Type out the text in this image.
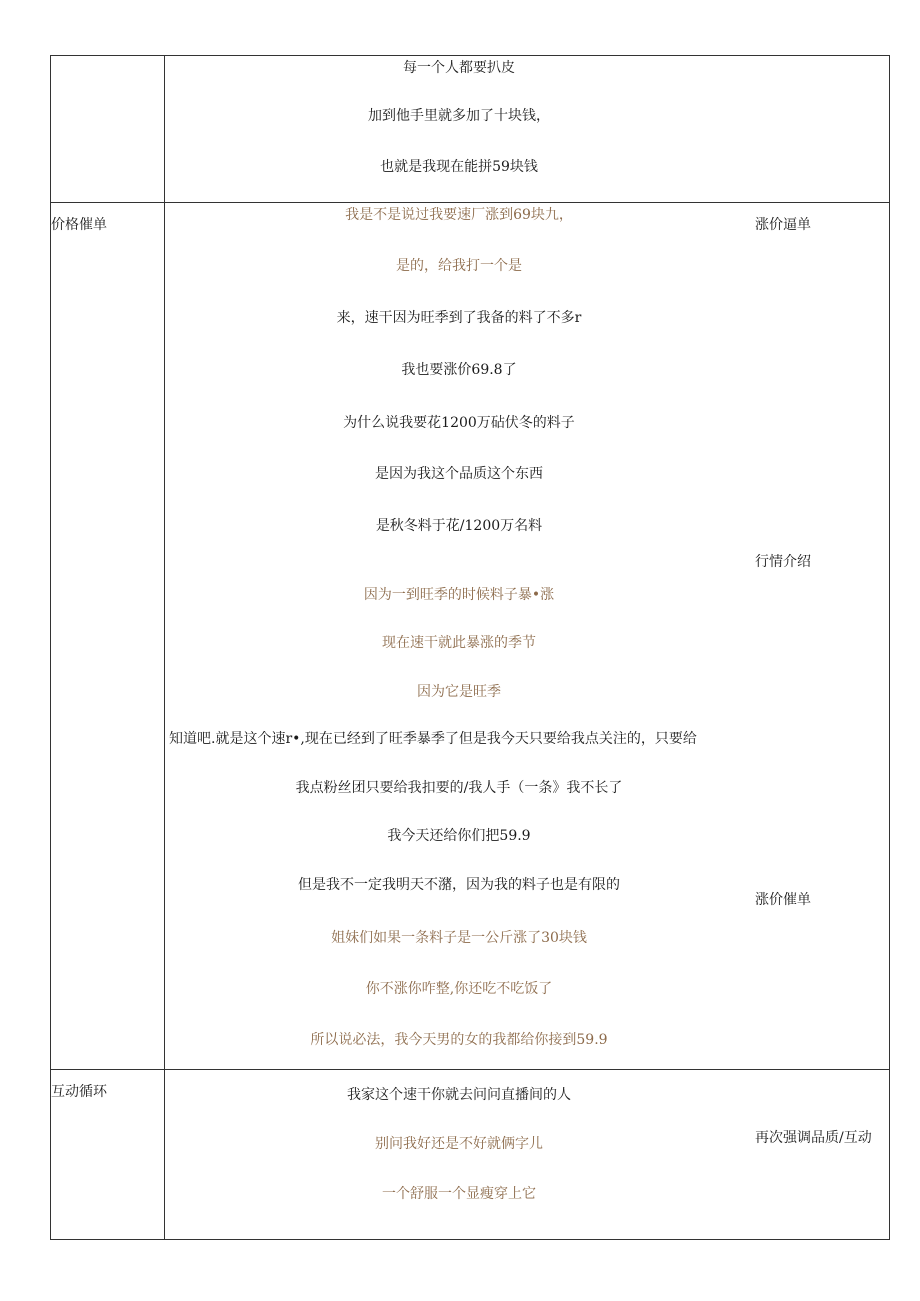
每一个人都要扒皮
加到他手里就多加了十块钱，
也就是我现在能拼59块钱
价格催单	涨价逼单
行情介绍
涨价催单
我是不是说过我要速厂涨到69块九，
是的，给我打一个是
来，速干因为旺季到了我备的料了不多r
我也要涨价69.8了
为什么说我要花1200万砧伏冬的料子
是因为我这个品质这个东西
是秋冬料于花/1200万名料
因为一到旺季的时候料子暴•涨
现在速干就此暴涨的季节
因为它是旺季
知道吧.就是这个速r•,现在已经到了旺季暴季了但是我今天只要给我点关注的，只要给
我点粉丝团只要给我扣要的/我人手（一条》我不长了
我今天还给你们把59.9
但是我不一定我明天不潴，因为我的料子也是有限的
姐妹们如果一条料子是一公斤涨了30块钱
你不涨你咋整,你还吃不吃饭了
所以说必法，我今天男的女的我都给你接到59.9
互动循环
再次强调品质/互动
我家这个速干你就去问问直播间的人
别问我好还是不好就俩字儿
一个舒服一个显瘦穿上它
